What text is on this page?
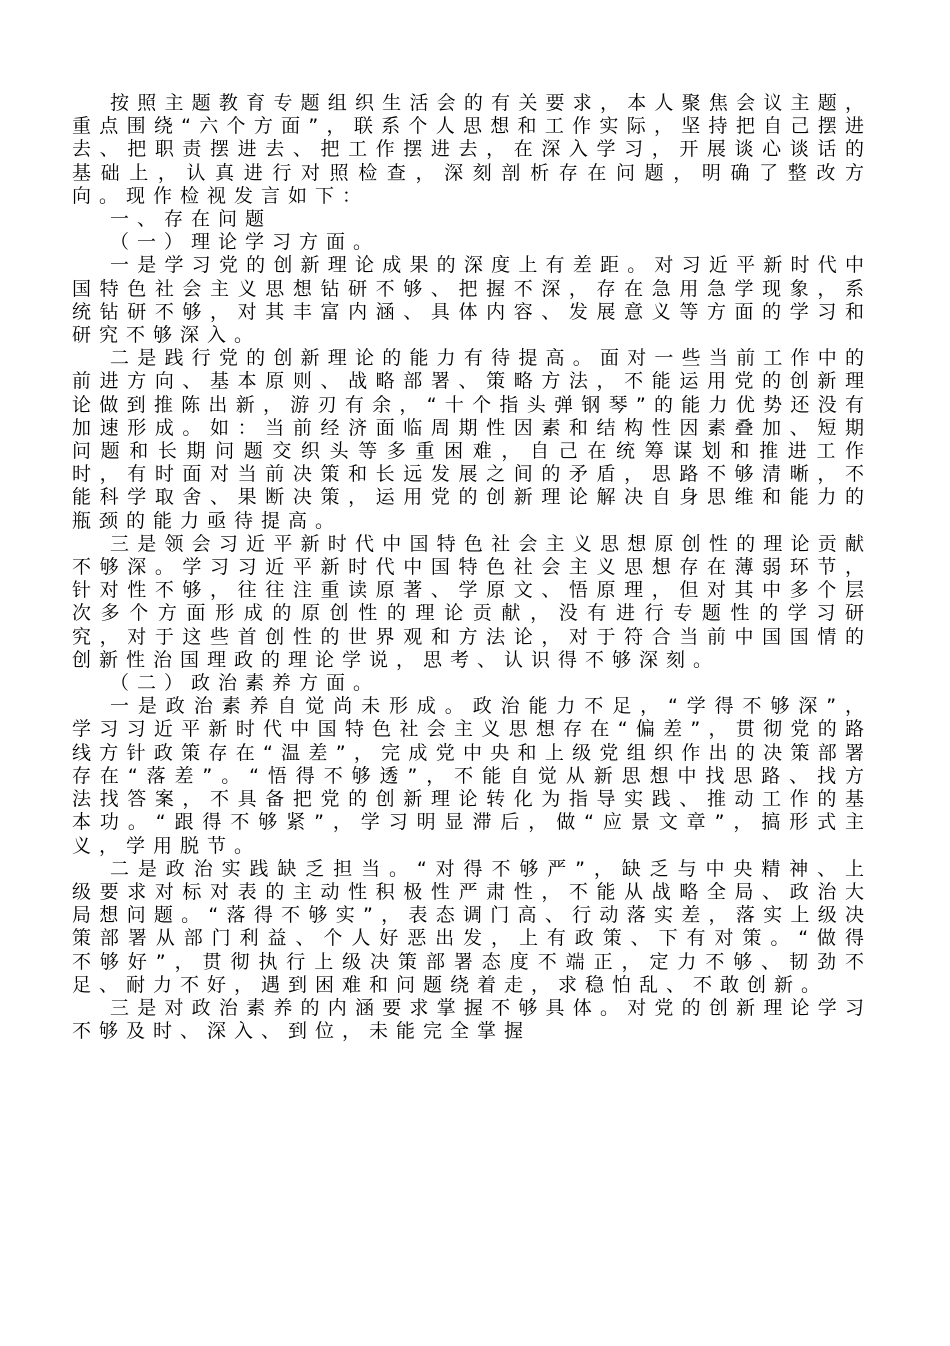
按照主题教育专题组织生活会的有关要求，本人聚焦会议主题，重点围绕“六个方面”，联系个人思想和工作实际，坚持把自己摆进去、把职责摆进去、把工作摆进去，在深入学习，开展谈心谈话的基础上，认真进行对照检查，深刻剖析存在问题，明确了整改方向。现作检视发言如下：

一、存在问题

（一）理论学习方面。

一是学习党的创新理论成果的深度上有差距。对习近平新时代中国特色社会主义思想钻研不够、把握不深，存在急用急学现象，系统钻研不够，对其丰富内涵、具体内容、发展意义等方面的学习和研究不够深入。

二是践行党的创新理论的能力有待提高。面对一些当前工作中的前进方向、基本原则、战略部署、策略方法，不能运用党的创新理论做到推陈出新，游刃有余，“十个指头弹钢琴”的能力优势还没有加速形成。如：当前经济面临周期性因素和结构性因素叠加、短期问题和长期问题交织头等多重困难，自己在统筹谋划和推进工作时，有时面对当前决策和长远发展之间的矛盾，思路不够清晰，不能科学取舍、果断决策，运用党的创新理论解决自身思维和能力的瓶颈的能力亟待提高。

三是领会习近平新时代中国特色社会主义思想原创性的理论贡献不够深。学习习近平新时代中国特色社会主义思想存在薄弱环节，针对性不够，往往注重读原著、学原文、悟原理，但对其中多个层次多个方面形成的原创性的理论贡献，没有进行专题性的学习研究，对于这些首创性的世界观和方法论，对于符合当前中国国情的创新性治国理政的理论学说，思考、认识得不够深刻。

（二）政治素养方面。

一是政治素养自觉尚未形成。政治能力不足，“学得不够深”，学习习近平新时代中国特色社会主义思想存在“偏差”，贯彻党的路线方针政策存在“温差”，完成党中央和上级党组织作出的决策部署存在“落差”。“悟得不够透”，不能自觉从新思想中找思路、找方法找答案，不具备把党的创新理论转化为指导实践、推动工作的基本功。“跟得不够紧”，学习明显滞后，做“应景文章”，搞形式主义，学用脱节。

二是政治实践缺乏担当。“对得不够严”，缺乏与中央精神、上级要求对标对表的主动性积极性严肃性，不能从战略全局、政治大局想问题。“落得不够实”，表态调门高、行动落实差，落实上级决策部署从部门利益、个人好恶出发，上有政策、下有对策。“做得不够好”，贯彻执行上级决策部署态度不端正，定力不够、韧劲不足、耐力不好，遇到困难和问题绕着走，求稳怕乱、不敢创新。

三是对政治素养的内涵要求掌握不够具体。对党的创新理论学习不够及时、深入、到位，未能完全掌握
